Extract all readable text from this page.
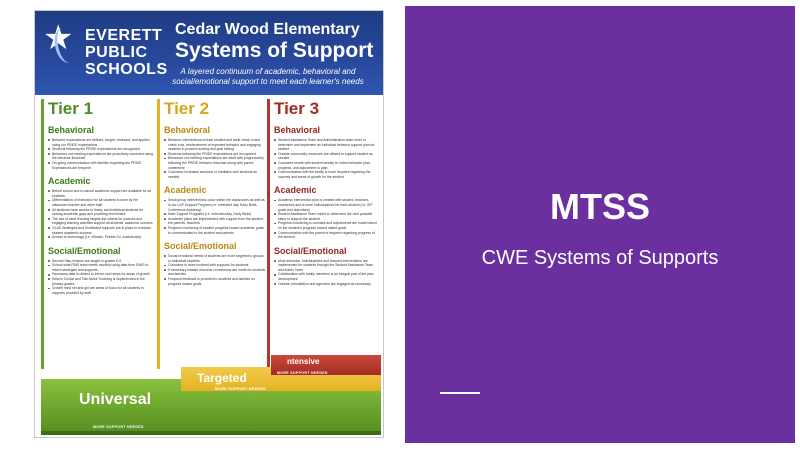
★ EVERETT
PUBLIC
SCHOOLS
Cedar Wood Elementary
Systems of Support
A layered continuum of academic, behavioral and social/emotional support to meet each learner's needs
Tier 1
Behavioral
Behavior expectations are defined, taught, reviewed, and applied using our PRIDE expectations
Students following the PRIDE expectations are recognized
Behaviors not meeting expectations are proactively corrected using the behavior flowchart
On-going communication with families regarding the PRIDE Expectations are frequent
Academic
Before school and in-school academic support are available for all students
Differentiation of instruction for all students is done by the classroom teacher and other staff
All students have access to timely and individual students for closing academic gaps and providing enrichment
The use of clear learning targets the criteria for success and engaging learning activities support all students' academic success
GLAD Strategies and Scaffolded supports are in place to enhance student academic success
Access to technology (i.e. eBooks, Pebble Go, audiobooks)
Social/Emotional
Second Step lessons are taught in grades K-5
School-wide PBIS team meets monthly using data from SWIS to inform strategies and supports
Panorama data is utilized to inform next steps for areas of growth
Kelso's Choice and Talk About Touching is implemented in the primary grades
Growth mind set and grit are areas of focus for all students in supports provided by staff
Tier 2
Behavioral
Behavior interventions include student and adult check in and check outs, reinforcement of expected behavior and engaging students in problem solving and goal setting
Students following the PRIDE expectations are recognized
Behaviors not meeting expectations are dealt with progressively following the PRIDE behavior flowchart along with parent conference
Counselor increases sessions or mediates with students as needed
Academic
Small group interventions occur within the classrooms as well as in our LAP Support Program (i.e. extended day, Early Birds, Conference Academy)
Math Support Programs (i.e. extended day, Early Birds)
Academic plans are implemented with support from the student, the parents, teachers
Progress monitoring of student progress toward academic goals is communicated to the student and parents
Social/Emotional
Social emotional needs of students are more targeted to groups or individual students
Counselor is more involved with supports for students
If necessary outside resource connections are made for students and families
Frequent feedback is provided to students and families on progress toward goals
Tier 3
Behavioral
Student Assistance Team and Administration team meet to determine and implement an individual behavior support plan for student
Outside community resources are utilized to support student as needed
Counselor meets with student weekly to review behavior plan, progress, and adjustment to plan
Communication with the family is more frequent regarding the success and areas of growth for the student
Academic
Academic intervention plan is created with student, teachers, counselors and is more individualized for each student (i.e. IEP goals and objectives)
Student Assistance Team meets to determine the next possible steps to support the student
Progress monitoring is constant and adjustments are made based on the student's progress toward stated goals
Communication with the parent is frequent regarding progress of the student
Social/Emotional
More intensive, individualized and focused interventions are implemented for students through the Student Assistance Team and Admin Team
Collaboration with family members is an integral part of the plan development
Outside consultation and agencies are engaged as necessary
Universal
Targeted
ntensive
MORE SUPPORT NEEDED
MORE SUPPORT NEEDED
MORE SUPPORT NEEDED
MTSS
CWE Systems of Supports
